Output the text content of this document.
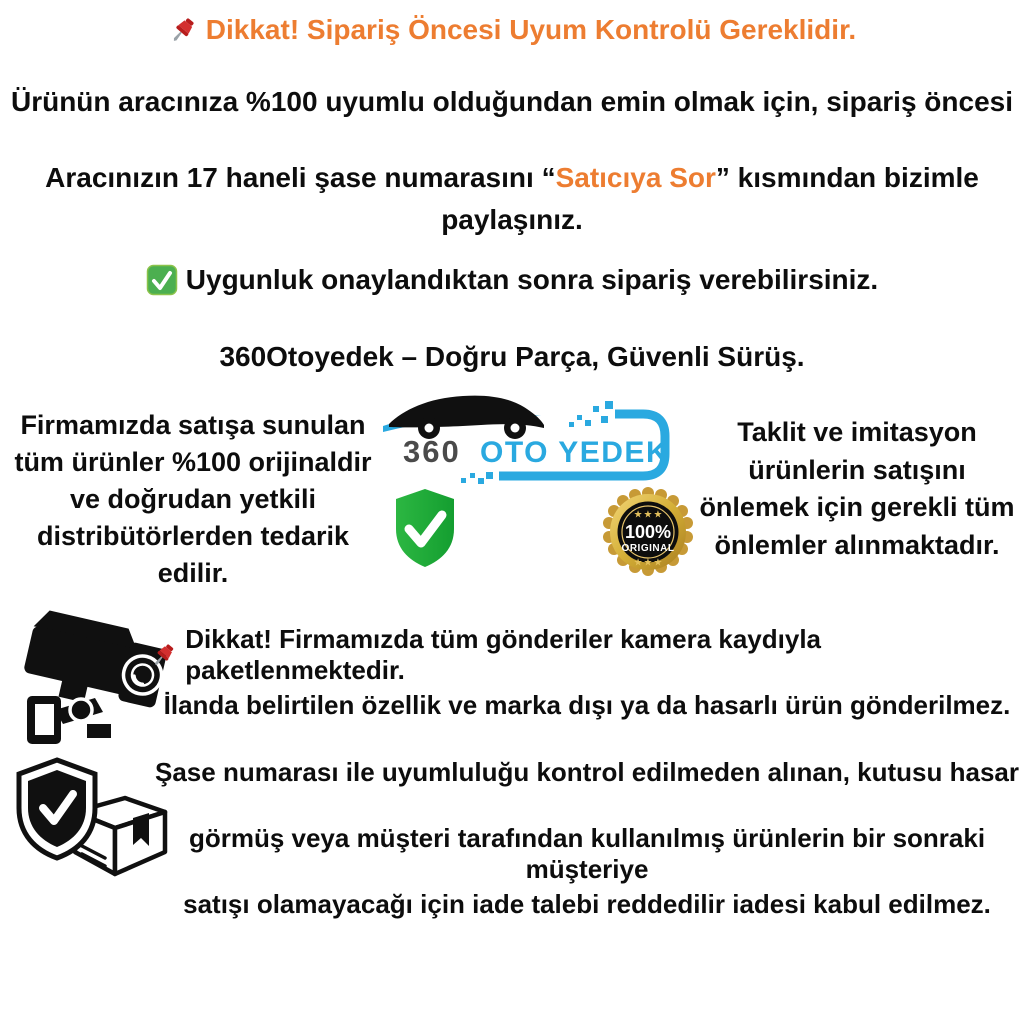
Dikkat! Sipariş Öncesi Uyum Kontrolü Gereklidir.
Ürünün aracınıza %100 uyumlu olduğundan emin olmak için, sipariş öncesi
Aracınızın 17 haneli şase numarasını “Satıcıya Sor” kısmından bizimle
paylaşınız.
Uygunluk onaylandıktan sonra sipariş verebilirsiniz.
360Otoyedek – Doğru Parça, Güvenli Sürüş.
Firmamızda satışa sunulan tüm ürünler %100 orijinaldir ve doğrudan yetkili distribütörlerden tedarik edilir.
360 OTO YEDEK
★ ★ ★
100%
ORIGINAL
★ ★ ★
Taklit ve imitasyon ürünlerin satışını önlemek için gerekli tüm önlemler alınmaktadır.
Dikkat! Firmamızda tüm gönderiler kamera kaydıyla paketlenmektedir.
İlanda belirtilen özellik ve marka dışı ya da hasarlı ürün gönderilmez.
Şase numarası ile uyumluluğu kontrol edilmeden alınan, kutusu hasar
görmüş veya müşteri tarafından kullanılmış ürünlerin bir sonraki müşteriye
satışı olamayacağı için iade talebi reddedilir iadesi kabul edilmez.
